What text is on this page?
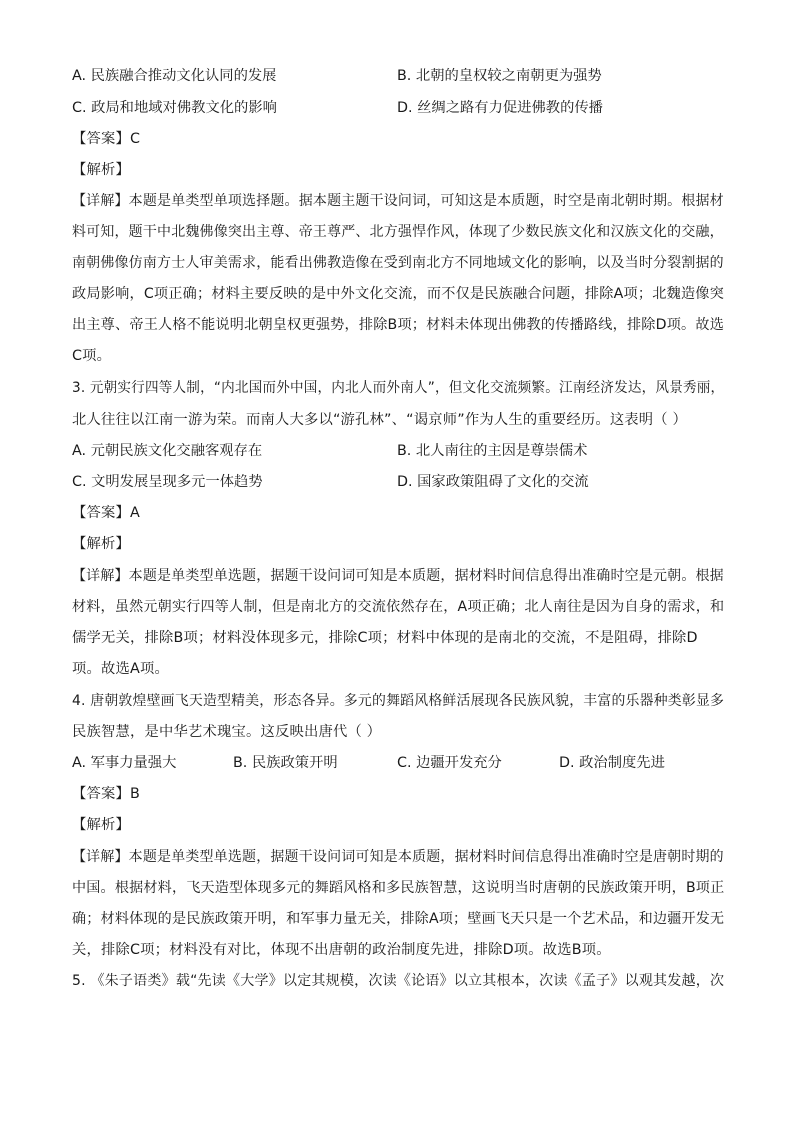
A. 民族融合推动文化认同的发展	B. 北朝的皇权较之南朝更为强势
C. 政局和地域对佛教文化的影响	D. 丝绸之路有力促进佛教的传播
【答案】C
【解析】
【详解】本题是单类型单项选择题。据本题主题干设问词，可知这是本质题，时空是南北朝时期。根据材
料可知，题干中北魏佛像突出主尊、帝王尊严、北方强悍作风，体现了少数民族文化和汉族文化的交融，
南朝佛像仿南方士人审美需求，能看出佛教造像在受到南北方不同地域文化的影响，以及当时分裂割据的
政局影响，C项正确；材料主要反映的是中外文化交流，而不仅是民族融合问题，排除A项；北魏造像突
出主尊、帝王人格不能说明北朝皇权更强势，排除B项；材料未体现出佛教的传播路线，排除D项。故选
C项。
3. 元朝实行四等人制，“内北国而外中国，内北人而外南人”，但文化交流频繁。江南经济发达，风景秀丽，
北人往往以江南一游为荣。而南人大多以“游孔林”、“谒京师”作为人生的重要经历。这表明（ ）
A. 元朝民族文化交融客观存在	B. 北人南往的主因是尊崇儒术
C. 文明发展呈现多元一体趋势	D. 国家政策阻碍了文化的交流
【答案】A
【解析】
【详解】本题是单类型单选题，据题干设问词可知是本质题，据材料时间信息得出准确时空是元朝。根据
材料，虽然元朝实行四等人制，但是南北方的交流依然存在，A项正确；北人南往是因为自身的需求，和
儒学无关，排除B项；材料没体现多元，排除C项；材料中体现的是南北的交流，不是阻碍，排除D
项。故选A项。
4. 唐朝敦煌壁画飞天造型精美，形态各异。多元的舞蹈风格鲜活展现各民族风貌，丰富的乐器种类彰显多
民族智慧，是中华艺术瑰宝。这反映出唐代（ ）
A. 军事力量强大	B. 民族政策开明	C. 边疆开发充分	D. 政治制度先进
【答案】B
【解析】
【详解】本题是单类型单选题，据题干设问词可知是本质题，据材料时间信息得出准确时空是唐朝时期的
中国。根据材料，飞天造型体现多元的舞蹈风格和多民族智慧，这说明当时唐朝的民族政策开明，B项正
确；材料体现的是民族政策开明，和军事力量无关，排除A项；壁画飞天只是一个艺术品，和边疆开发无
关，排除C项；材料没有对比，体现不出唐朝的政治制度先进，排除D项。故选B项。
5. 《朱子语类》载“先读《大学》以定其规模，次读《论语》以立其根本，次读《孟子》以观其发越，次
